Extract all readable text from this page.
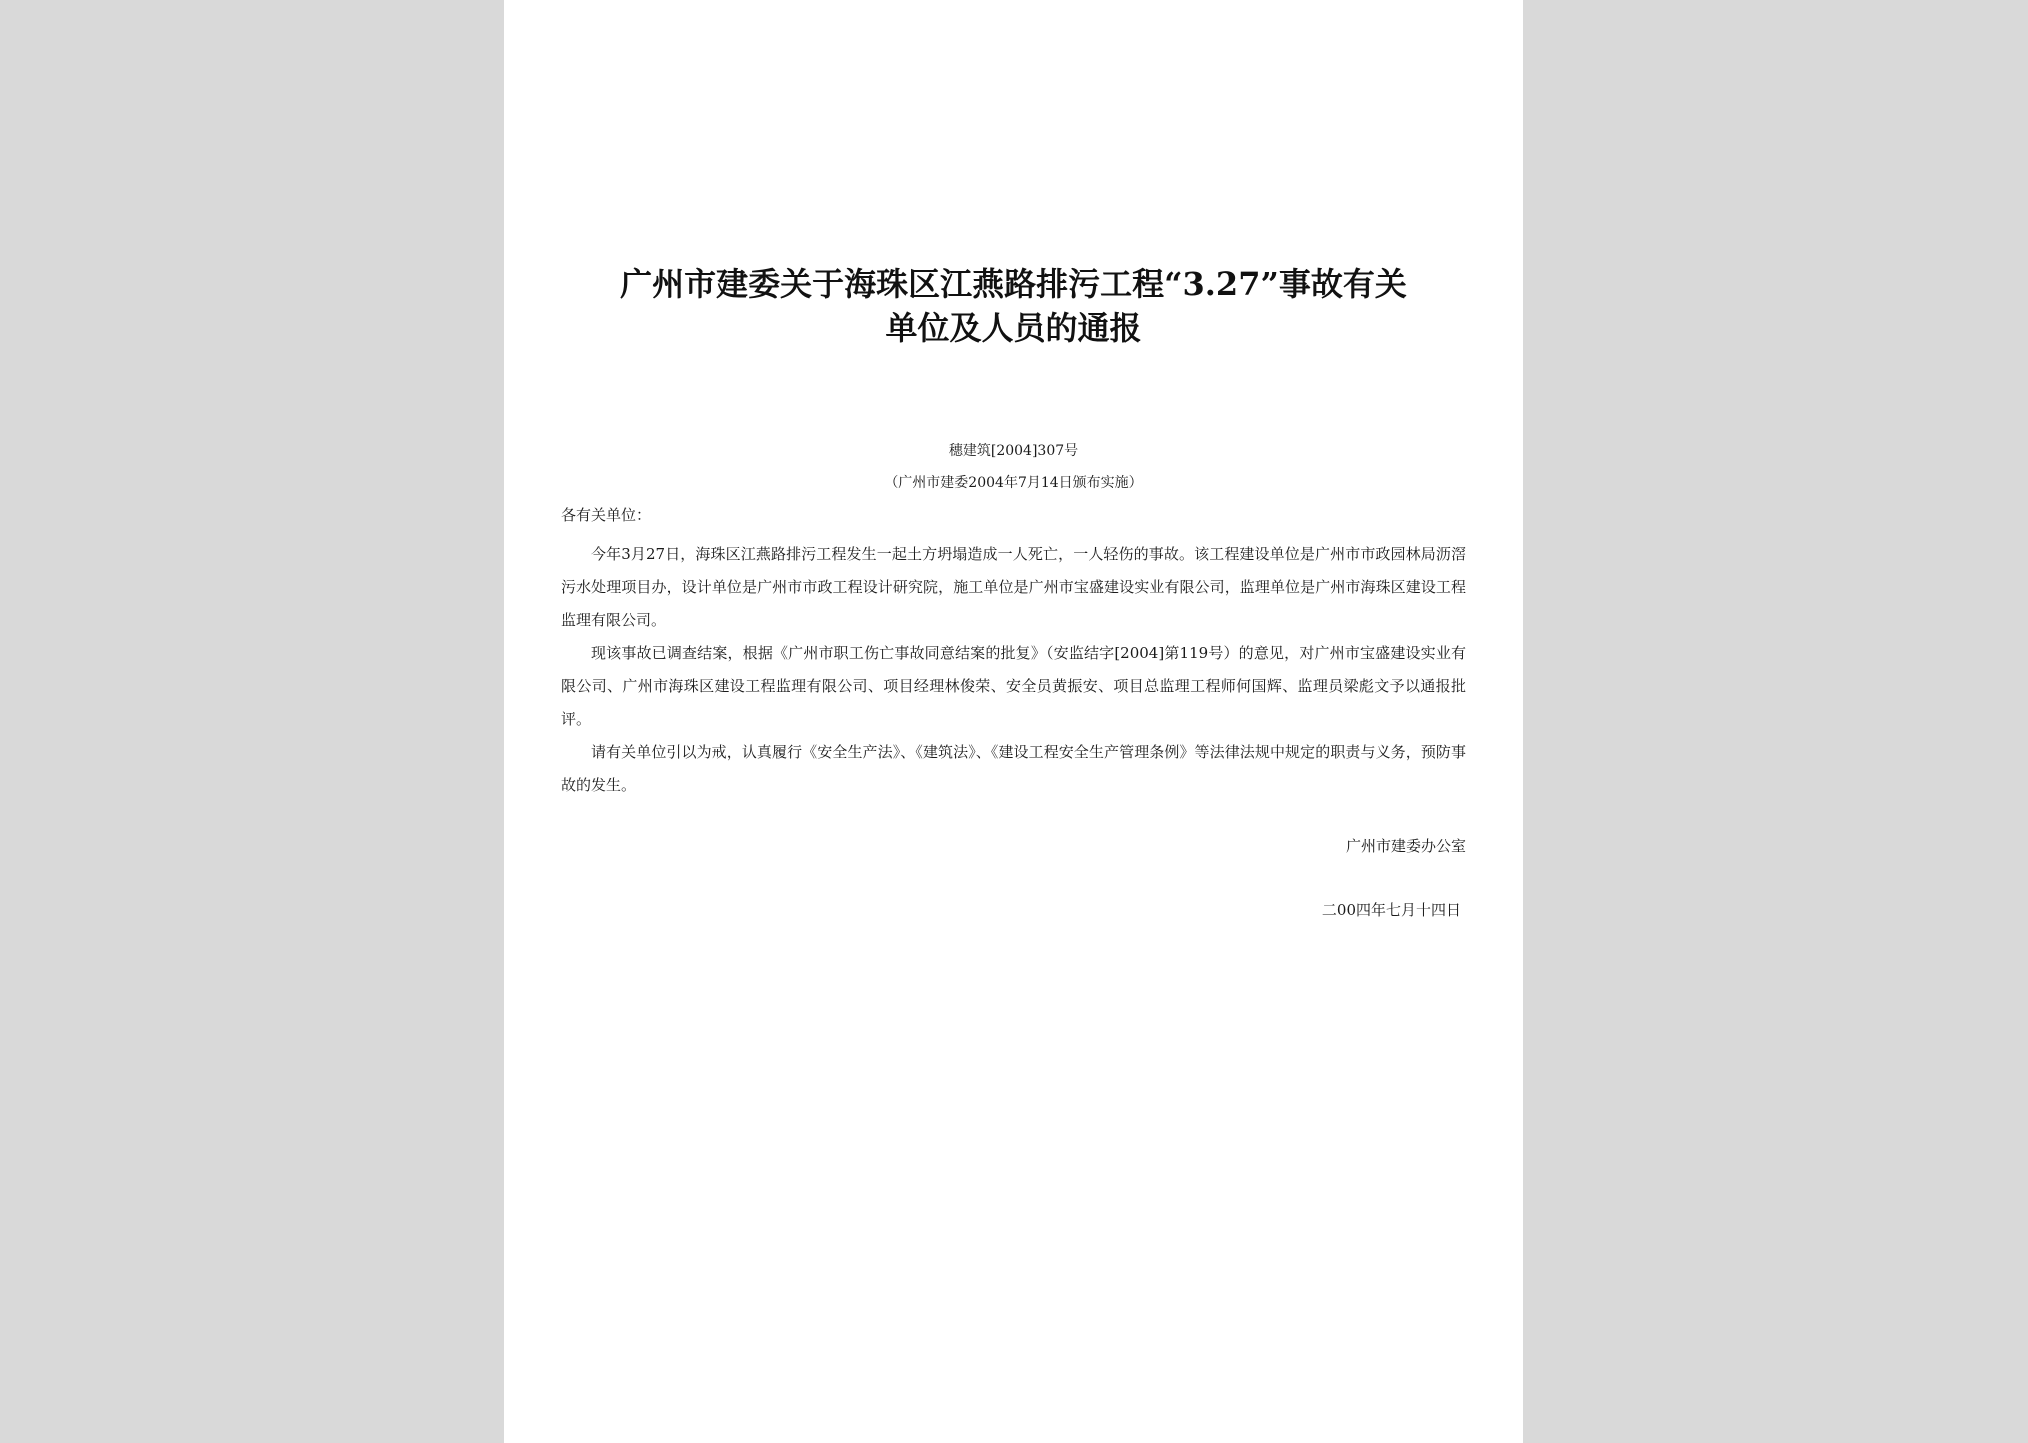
广州市建委关于海珠区江燕路排污工程“3.27”事故有关
单位及人员的通报
穗建筑[2004]307号
（广州市建委2004年7月14日颁布实施）
各有关单位：

今年3月27日，海珠区江燕路排污工程发生一起土方坍塌造成一人死亡，一人轻伤的事故。该工程建设单位是广州市市政园林局沥滘污水处理项目办，设计单位是广州市市政工程设计研究院，施工单位是广州市宝盛建设实业有限公司，监理单位是广州市海珠区建设工程监理有限公司。

现该事故已调查结案，根据《广州市职工伤亡事故同意结案的批复》（安监结字[2004]第119号）的意见，对广州市宝盛建设实业有限公司、广州市海珠区建设工程监理有限公司、项目经理林俊荣、安全员黄振安、项目总监理工程师何国辉、监理员梁彪文予以通报批评。

请有关单位引以为戒，认真履行《安全生产法》、《建筑法》、《建设工程安全生产管理条例》等法律法规中规定的职责与义务，预防事故的发生。

广州市建委办公室
二00四年七月十四日
